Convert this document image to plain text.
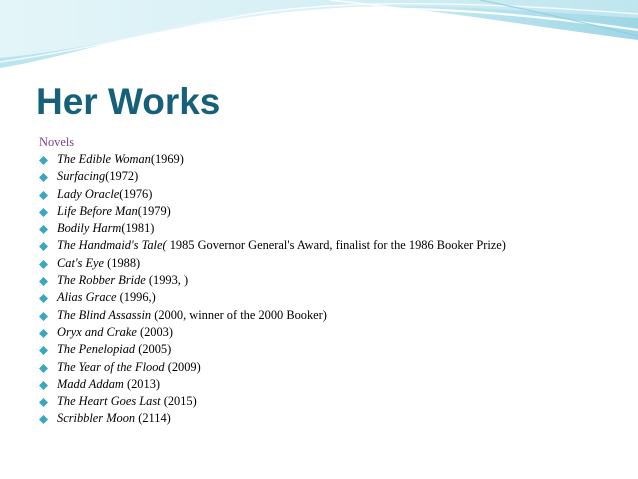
Her Works
Novels
The Edible Woman(1969)
Surfacing(1972)
Lady Oracle(1976)
Life Before Man(1979)
Bodily Harm(1981)
The Handmaid's Tale( 1985 Governor General's Award, finalist for the 1986 Booker Prize)
Cat's Eye (1988)
The Robber Bride (1993, )
Alias Grace (1996,)
The Blind Assassin (2000, winner of the 2000 Booker)
Oryx and Crake (2003)
The Penelopiad (2005)
The Year of the Flood (2009)
Madd Addam (2013)
The Heart Goes Last (2015)
Scribbler Moon (2114)
